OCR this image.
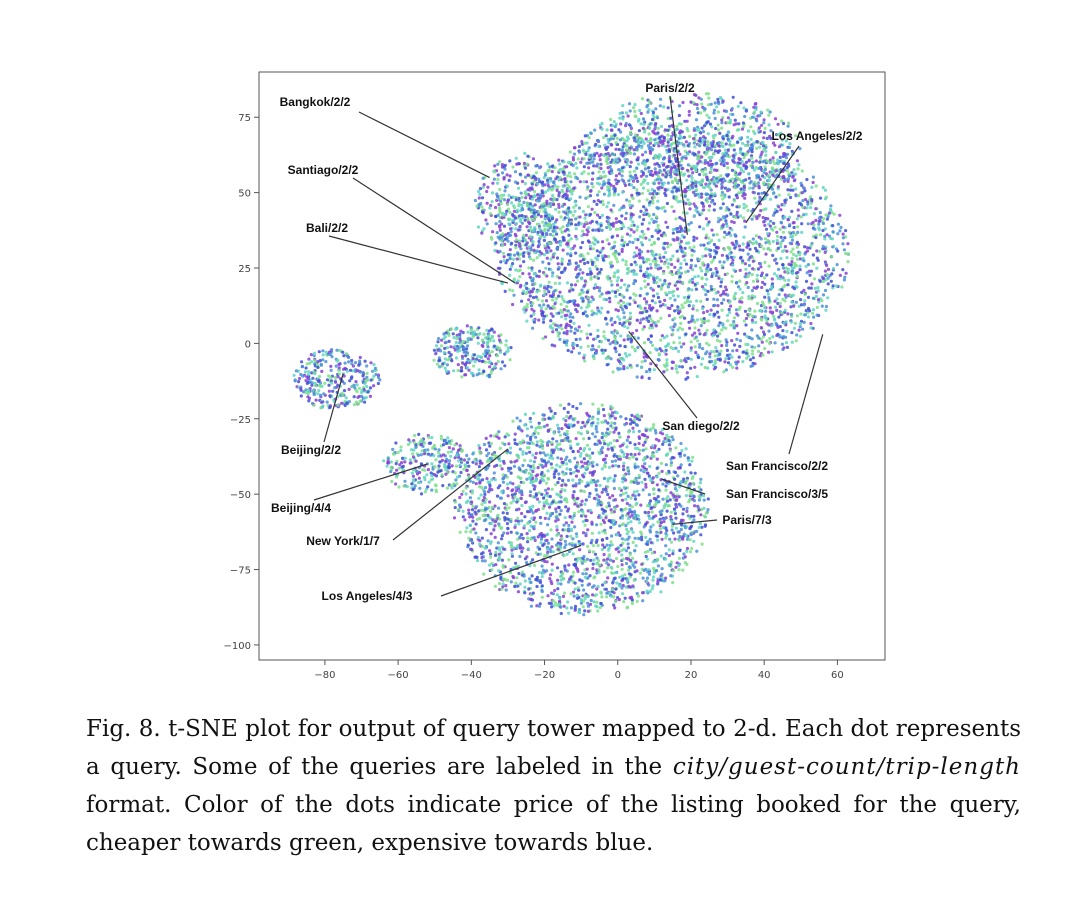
−80	−60	−40	−20	0	20	40	60
75
50
25
0
−25
−50
−75
−100
Bangkok/2/2
Paris/2/2
Los Angeles/2/2
Santiago/2/2
Bali/2/2
San diego/2/2
Beijing/2/2
San Francisco/2/2
Beijing/4/4
San Francisco/3/5
Paris/7/3
New York/1/7
Los Angeles/4/3
Fig. 8. t-SNE plot for output of query tower mapped to 2-d. Each dot represents a query. Some of the queries are labeled in the city/guest-count/trip-length format. Color of the dots indicate price of the listing booked for the query, cheaper towards green, expensive towards blue.
